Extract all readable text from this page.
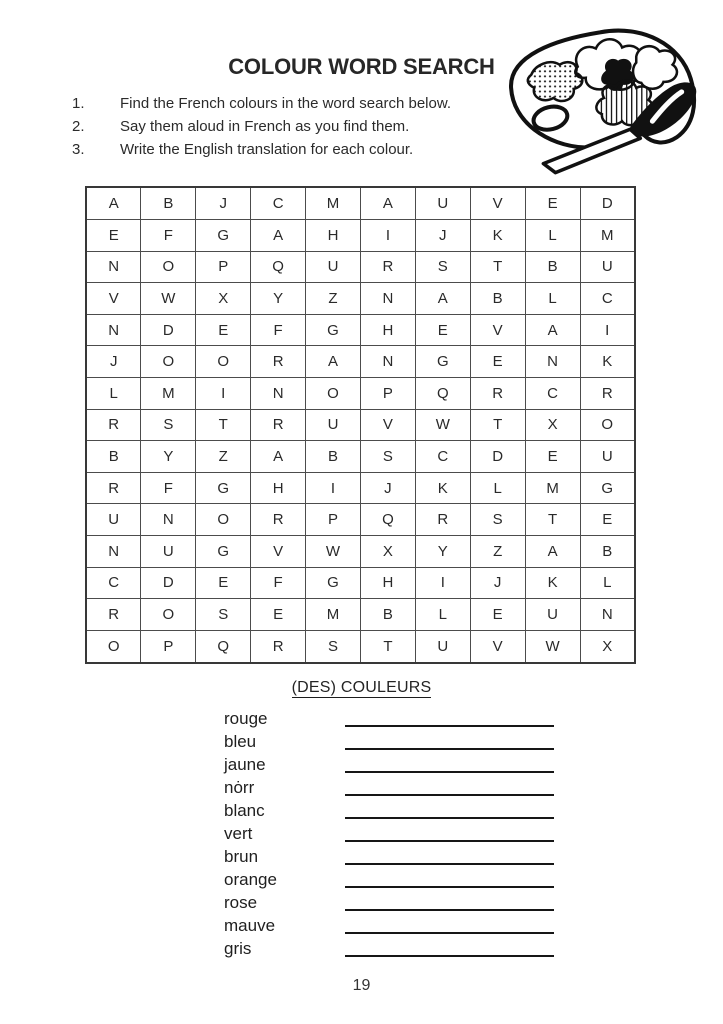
COLOUR WORD SEARCH
1.	Find the French colours in the word search below.
2.	Say them aloud in French as you find them.
3.	Write the English translation for each colour.
A	B	J	C	M	A	U	V	E	D
E	F	G	A	H	I	J	K	L	M
N	O	P	Q	U	R	S	T	B	U
V	W	X	Y	Z	N	A	B	L	C
N	D	E	F	G	H	E	V	A	I
J	O	O	R	A	N	G	E	N	K
L	M	I	N	O	P	Q	R	C	R
R	S	T	R	U	V	W	T	X	O
B	Y	Z	A	B	S	C	D	E	U
R	F	G	H	I	J	K	L	M	G
U	N	O	R	P	Q	R	S	T	E
N	U	G	V	W	X	Y	Z	A	B
C	D	E	F	G	H	I	J	K	L
R	O	S	E	M	B	L	E	U	N
O	P	Q	R	S	T	U	V	W	X
(DES) COULEURS
rouge
bleu
jaune
nȯrr
blanc
vert
brun
orange
rose
mauve
gris
19
